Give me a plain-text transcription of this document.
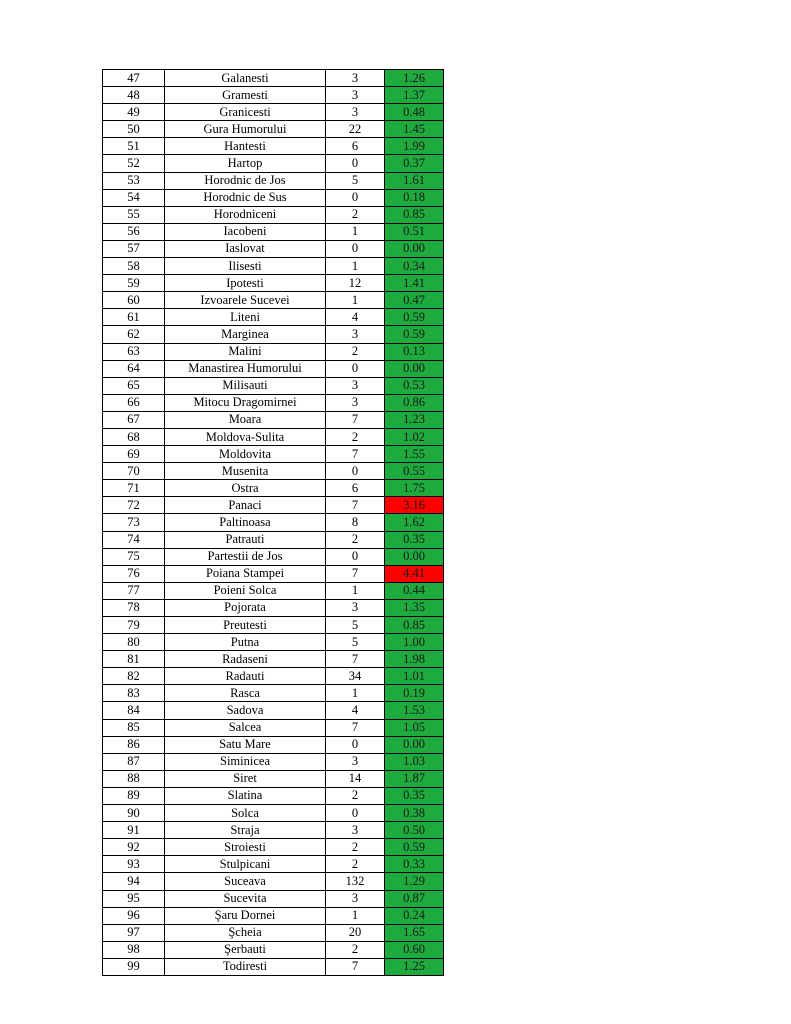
47	Galanesti	3	1.26
48	Gramesti	3	1.37
49	Granicesti	3	0.48
50	Gura Humorului	22	1.45
51	Hantesti	6	1.99
52	Hartop	0	0.37
53	Horodnic de Jos	5	1.61
54	Horodnic de Sus	0	0.18
55	Horodniceni	2	0.85
56	Iacobeni	1	0.51
57	Iaslovat	0	0.00
58	Ilisesti	1	0.34
59	Ipotesti	12	1.41
60	Izvoarele Sucevei	1	0.47
61	Liteni	4	0.59
62	Marginea	3	0.59
63	Malini	2	0.13
64	Manastirea Humorului	0	0.00
65	Milisauti	3	0.53
66	Mitocu Dragomirnei	3	0.86
67	Moara	7	1.23
68	Moldova-Sulita	2	1.02
69	Moldovita	7	1.55
70	Musenita	0	0.55
71	Ostra	6	1.75
72	Panaci	7	3.16
73	Paltinoasa	8	1.62
74	Patrauti	2	0.35
75	Partestii de Jos	0	0.00
76	Poiana Stampei	7	4.41
77	Poieni Solca	1	0.44
78	Pojorata	3	1.35
79	Preutesti	5	0.85
80	Putna	5	1.00
81	Radaseni	7	1.98
82	Radauti	34	1.01
83	Rasca	1	0.19
84	Sadova	4	1.53
85	Salcea	7	1.05
86	Satu Mare	0	0.00
87	Siminicea	3	1.03
88	Siret	14	1.87
89	Slatina	2	0.35
90	Solca	0	0.38
91	Straja	3	0.50
92	Stroiesti	2	0.59
93	Stulpicani	2	0.33
94	Suceava	132	1.29
95	Sucevita	3	0.87
96	Şaru Dornei	1	0.24
97	Şcheia	20	1.65
98	Şerbauti	2	0.60
99	Todiresti	7	1.25
